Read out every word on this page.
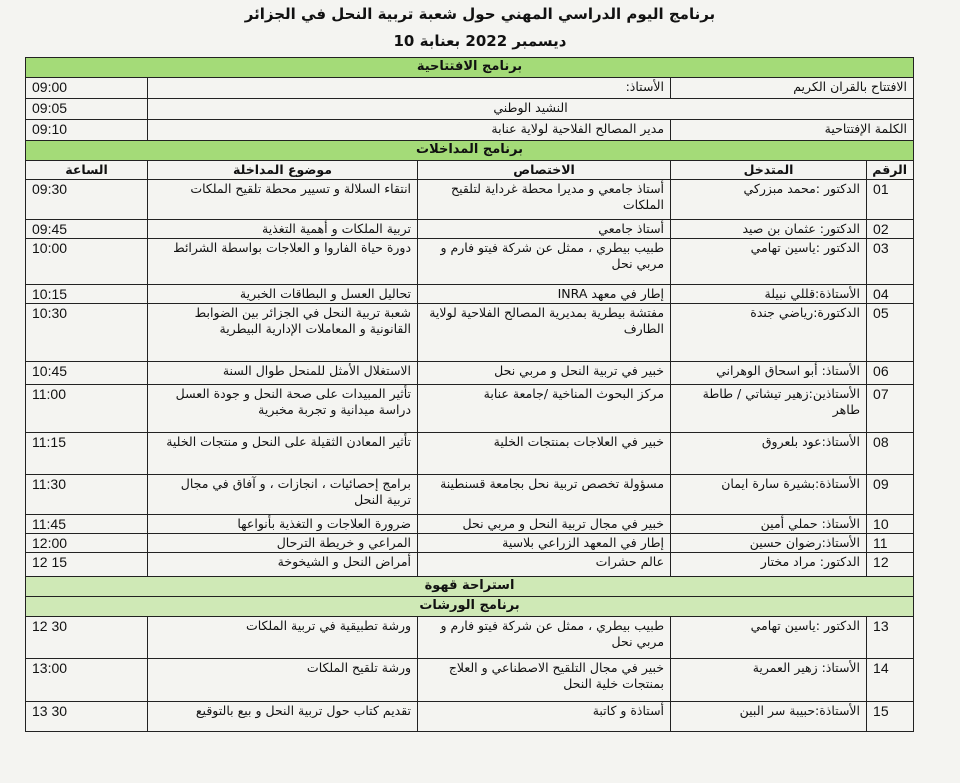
برنامج اليوم الدراسي المهني حول شعبة تربية النحل في الجزائر
10 ديسمبر 2022 بعنابة
برنامج الافتتاحية				
الافتتاح بالقران الكريم		الأستاذ:		09:00
النشيد الوطني				09:05
الكلمة الإفتتاحية		مدير المصالح الفلاحية لولاية عنابة		09:10
برنامج المداخلات				
الرقم	المتدخل	الاختصاص	موضوع المداخلة	الساعة
01	الدكتور :محمد مبزركي	أستاذ جامعي و مديرا محطة غرداية لتلقيح الملكات	انتقاء السلالة و تسيير محطة تلقيح الملكات	09:30
02	الدكتور: عثمان بن صيد	أستاذ جامعي	تربية الملكات و أهمية التغذية	09:45
03	الدكتور :ياسين تهامي	طبيب بيطري ، ممثل عن شركة فيتو فارم و مربي نحل	دورة حياة الفاروا و العلاجات بواسطة الشرائط	10:00
04	الأستاذة:قللي نبيلة	إطار في معهد INRA	تحاليل العسل و البطاقات الخبرية	10:15
05	الدكتورة:رياضي جندة	مفتشة بيطرية بمديرية المصالح الفلاحية لولاية الطارف	شعبة تربية النحل في الجزائر بين الضوابط القانونية و المعاملات الإدارية البيطرية	10:30
06	الأستاذ: أبو اسحاق الوهراني	خبير في تربية النحل و مربي نحل	الاستغلال الأمثل للمنحل طوال السنة	10:45
07	الأستاذين:زهير تيشاتي / طاطة طاهر	مركز البحوث المناخية /جامعة عنابة	تأثير المبيدات على صحة النحل و جودة العسل دراسة ميدانية و تجربة مخبرية	11:00
08	الأستاذ:عود بلعروق	خبير في العلاجات بمنتجات الخلية	تأثير المعادن الثقيلة على النحل و منتجات الخلية	11:15
09	الأستاذة:بشيرة سارة ايمان	مسؤولة تخصص تربية نحل بجامعة قسنطينة	برامج إحصائيات ، انجازات ، و آفاق في مجال تربية النحل	11:30
10	الأستاذ: حملي أمين	خبير في مجال تربية النحل و مربي نحل	ضرورة العلاجات و التغذية بأنواعها	11:45
11	الأستاذ:رضوان حسين	إطار في المعهد الزراعي بلاسية	المراعي و خريطة الترحال	12:00
12	الدكتور: مراد مختار	عالم حشرات	أمراض النحل و الشيخوخة	12 15
استراحة قهوة				
برنامج الورشات				
13	الدكتور :ياسين تهامي	طبيب بيطري ، ممثل عن شركة فيتو فارم و مربي نحل	ورشة تطبيقية في تربية الملكات	12 30
14	الأستاذ: زهير العمرية	خبير في مجال التلقيح الاصطناعي و العلاج بمنتجات خلية النحل	ورشة تلقيح الملكات	13:00
15	الأستاذة:حبيبة سر البين	أستاذة و كاتبة	تقديم كتاب حول تربية النحل و بيع بالتوقيع	13 30
